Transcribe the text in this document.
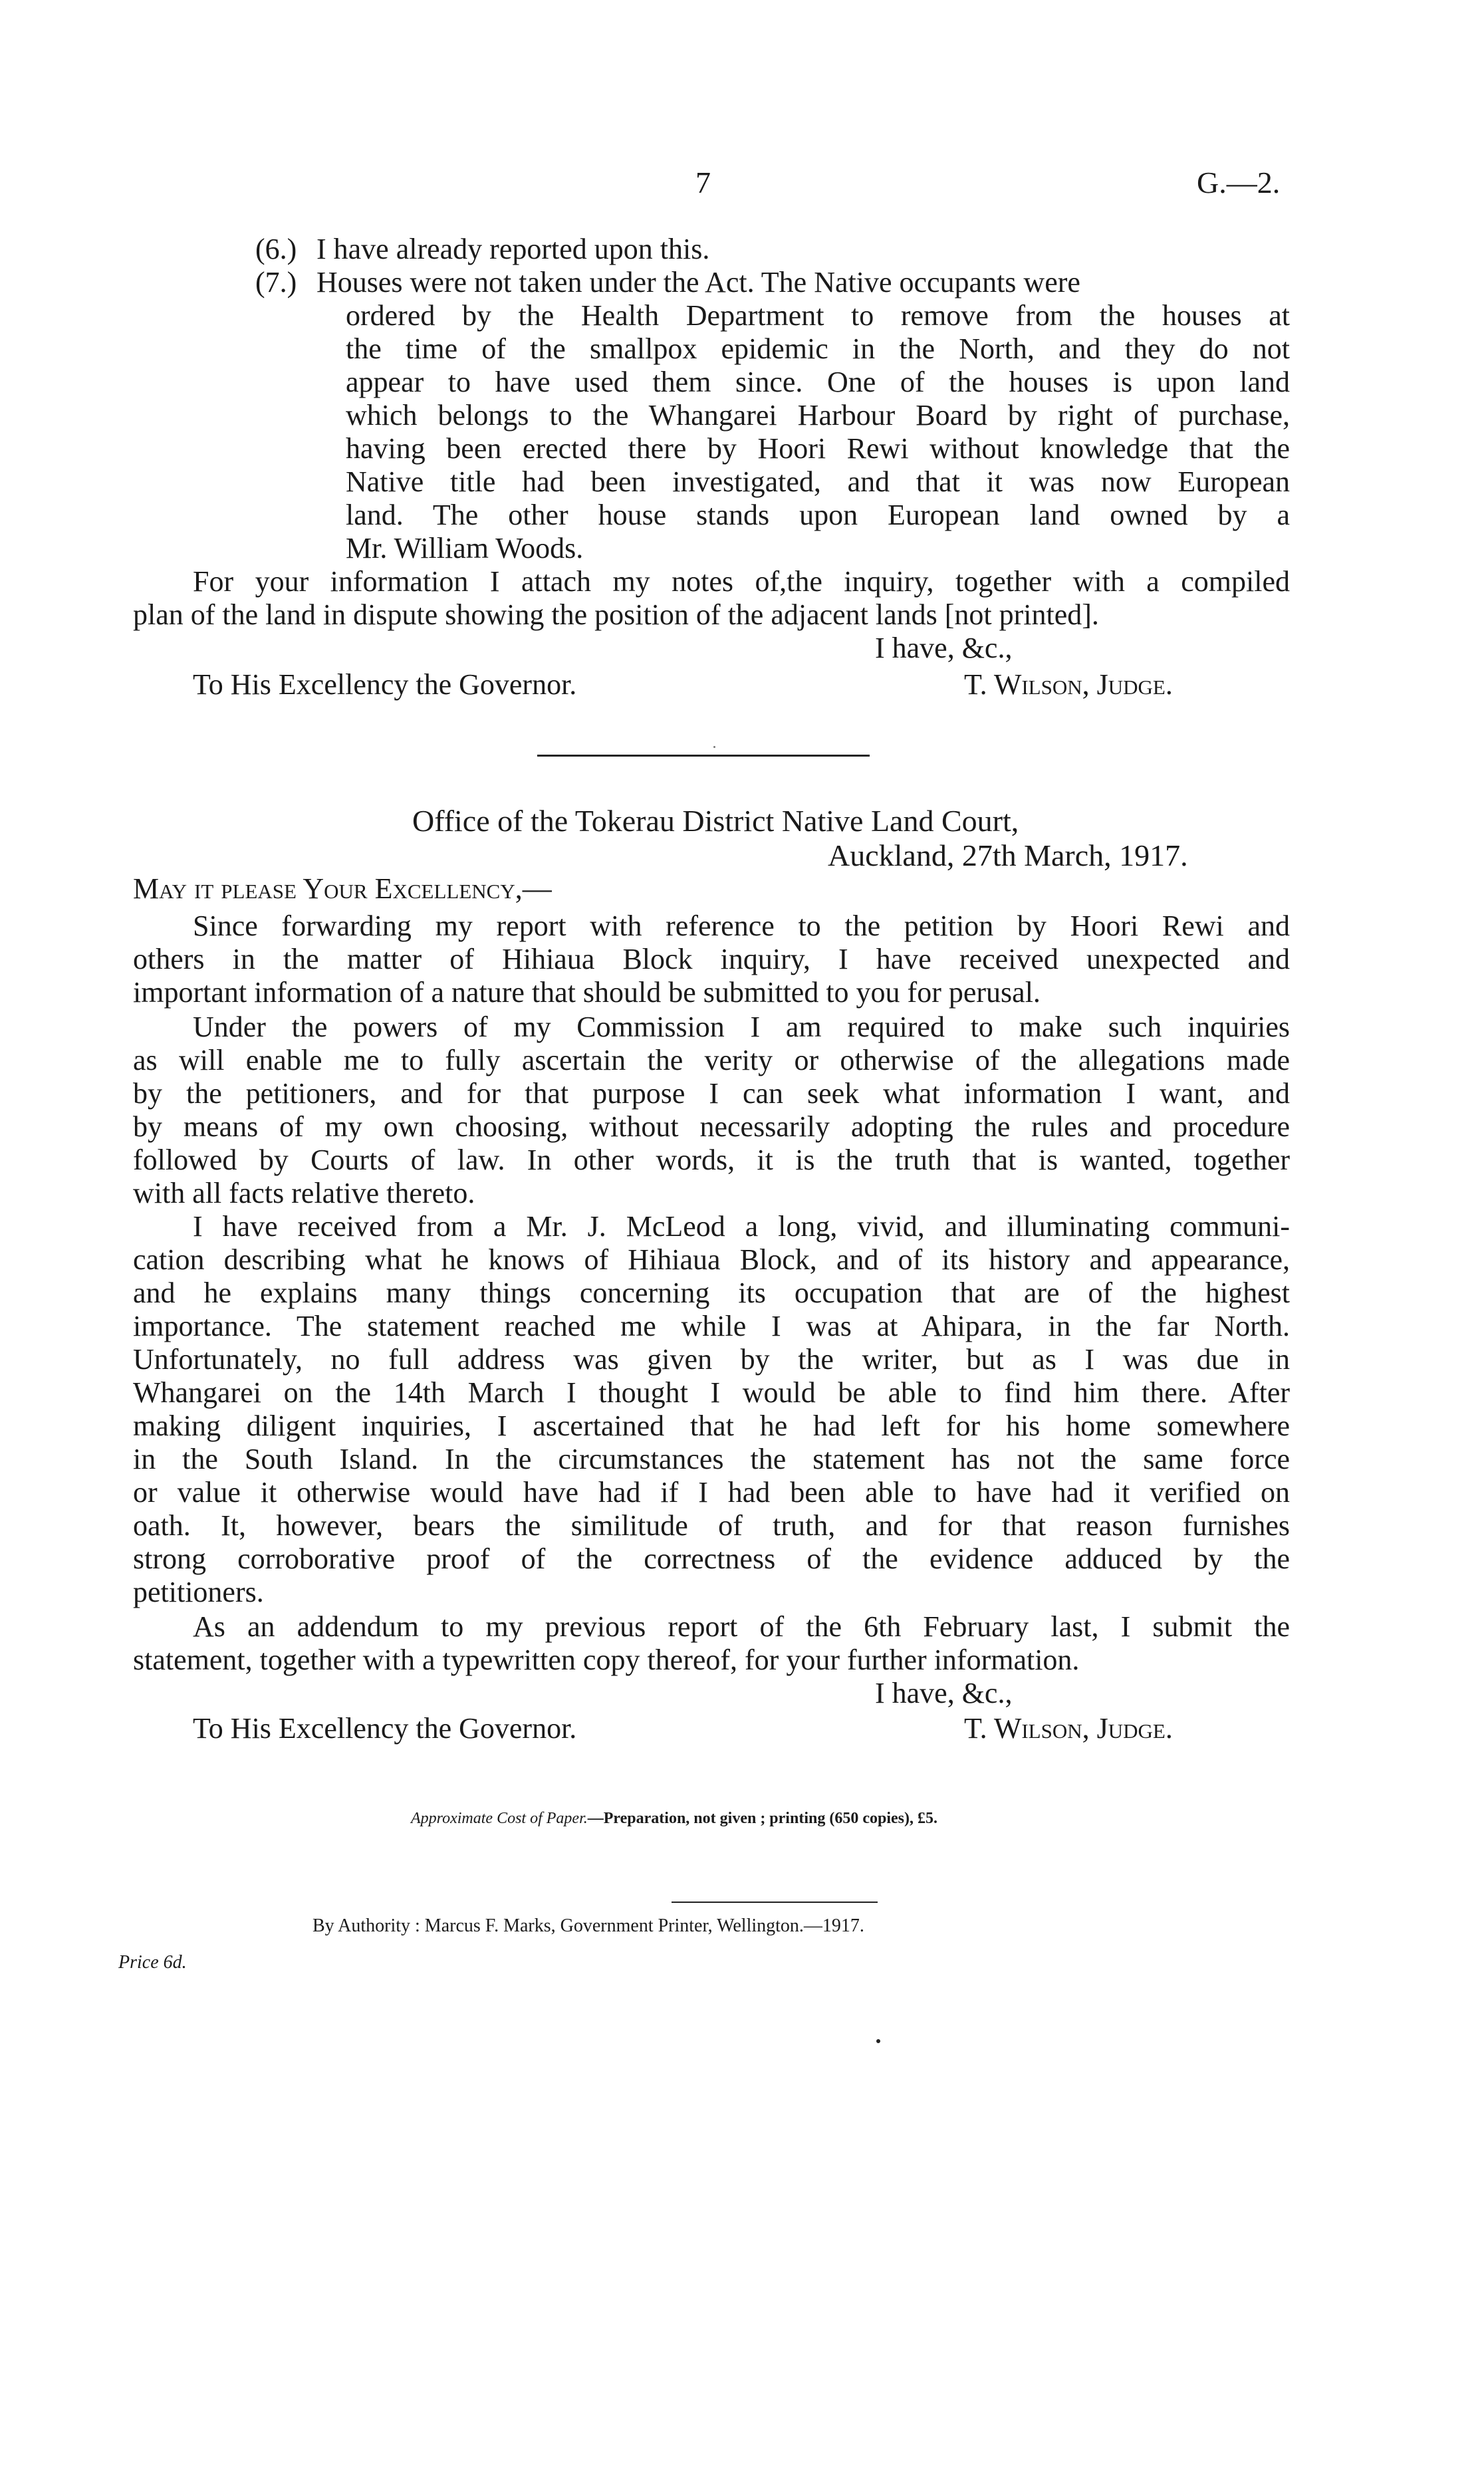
7	G.—2.
(6.) I have already reported upon this.
(7.) Houses were not taken under the Act. The Native occupants were
ordered by the Health Department to remove from the houses at
the time of the smallpox epidemic in the North, and they do not
appear to have used them since. One of the houses is upon land
which belongs to the Whangarei Harbour Board by right of purchase,
having been erected there by Hoori Rewi without knowledge that the
Native title had been investigated, and that it was now European
land. The other house stands upon European land owned by a
Mr. William Woods.
For your information I attach my notes of,the inquiry, together with a compiled
plan of the land in dispute showing the position of the adjacent lands [not printed].
I have, &c.,
To His Excellency the Governor.	T. Wilson, Judge.
Office of the Tokerau District Native Land Court,
Auckland, 27th March, 1917.
May it please Your Excellency,—
Since forwarding my report with reference to the petition by Hoori Rewi and
others in the matter of Hihiaua Block inquiry, I have received unexpected and
important information of a nature that should be submitted to you for perusal.
Under the powers of my Commission I am required to make such inquiries
as will enable me to fully ascertain the verity or otherwise of the allegations made
by the petitioners, and for that purpose I can seek what information I want, and
by means of my own choosing, without necessarily adopting the rules and procedure
followed by Courts of law. In other words, it is the truth that is wanted, together
with all facts relative thereto.
I have received from a Mr. J. McLeod a long, vivid, and illuminating communi-
cation describing what he knows of Hihiaua Block, and of its history and appearance,
and he explains many things concerning its occupation that are of the highest
importance. The statement reached me while I was at Ahipara, in the far North.
Unfortunately, no full address was given by the writer, but as I was due in
Whangarei on the 14th March I thought I would be able to find him there. After
making diligent inquiries, I ascertained that he had left for his home somewhere
in the South Island. In the circumstances the statement has not the same force
or value it otherwise would have had if I had been able to have had it verified on
oath. It, however, bears the similitude of truth, and for that reason furnishes
strong corroborative proof of the correctness of the evidence adduced by the
petitioners.
As an addendum to my previous report of the 6th February last, I submit the
statement, together with a typewritten copy thereof, for your further information.
I have, &c.,
To His Excellency the Governor.	T. Wilson, Judge.
Approximate Cost of Paper.—Preparation, not given ; printing (650 copies), £5.
By Authority : Marcus F. Marks, Government Printer, Wellington.—1917.
Price 6d.
